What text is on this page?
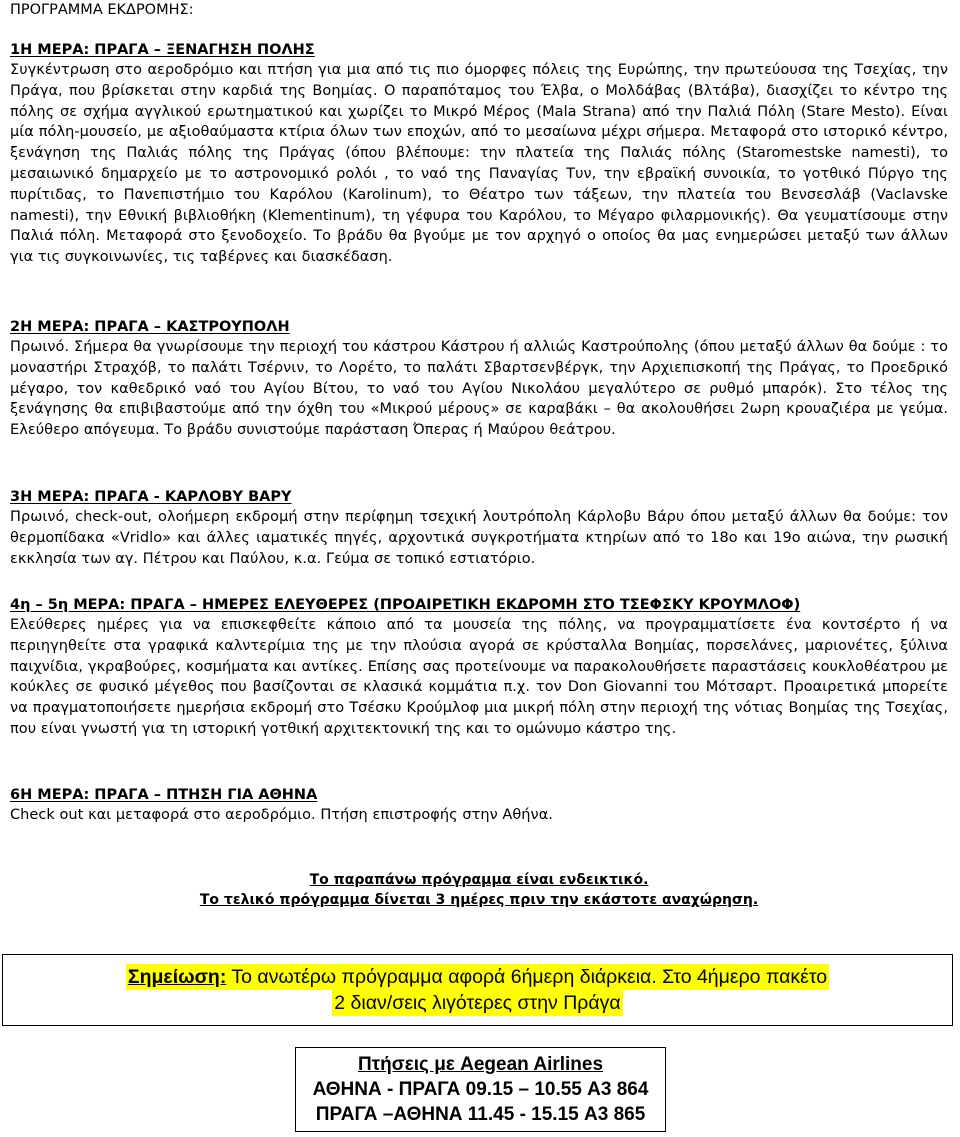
ΠΡΟΓΡΑΜΜΑ ΕΚΔΡΟΜΗΣ:
1Η ΜΕΡΑ: ΠΡΑΓΑ – ΞΕΝΑΓΗΣΗ ΠΟΛΗΣ

Συγκέντρωση στο αεροδρόμιο και πτήση για μια από τις πιο όμορφες πόλεις της Ευρώπης, την πρωτεύουσα της Τσεχίας, την Πράγα, που βρίσκεται στην καρδιά της Βοημίας. Ο παραπόταμος του Έλβα, ο Μολδάβας (Βλτάβα), διασχίζει το κέντρο της πόλης σε σχήμα αγγλικού ερωτηματικού και χωρίζει το Μικρό Μέρος (Mala Strana) από την Παλιά Πόλη (Stare Mesto). Είναι μία πόλη-μουσείο, με αξιοθαύμαστα κτίρια όλων των εποχών, από το μεσαίωνα μέχρι σήμερα. Μεταφορά στο ιστορικό κέντρο, ξενάγηση της Παλιάς πόλης της Πράγας (όπου βλέπουμε: την πλατεία της Παλιάς πόλης (Staromestske namesti), το μεσαιωνικό δημαρχείο με το αστρονομικό ρολόι , το ναό της Παναγίας Tυν, την εβραϊκή συνοικία, το γοτθικό Πύργο της πυρίτιδας, το Πανεπιστήμιο του Καρόλου (Karolinum), το Θέατρο των τάξεων, την πλατεία του Βενσεσλάβ (Vaclavske namesti), την Εθνική βιβλιοθήκη (Klementinum), τη γέφυρα του Καρόλου, το Μέγαρο φιλαρμονικής). Θα γευματίσουμε στην Παλιά πόλη. Μεταφορά στο ξενοδοχείο. Το βράδυ θα βγούμε με τον αρχηγό ο οποίος θα μας ενημερώσει μεταξύ των άλλων για τις συγκοινωνίες, τις ταβέρνες και διασκέδαση.

2Η ΜΕΡΑ: ΠΡΑΓΑ – ΚΑΣΤΡΟΥΠΟΛΗ

Πρωινό. Σήμερα θα γνωρίσουμε την περιοχή του κάστρου Κάστρου ή αλλιώς Καστρούπολης (όπου μεταξύ άλλων θα δούμε : το μοναστήρι Στραχόβ, το παλάτι Τσέρνιν, το Λορέτο, το παλάτι Σβαρτσενβέργκ, την Αρχιεπισκοπή της Πράγας, το Προεδρικό μέγαρο, τον καθεδρικό ναό του Αγίου Βίτου, το ναό του Αγίου Νικολάου μεγαλύτερο σε ρυθμό μπαρόκ). Στο τέλος της ξενάγησης θα επιβιβαστούμε από την όχθη του «Μικρού μέρους» σε καραβάκι – θα ακολουθήσει 2ωρη κρουαζιέρα με γεύμα. Ελεύθερο απόγευμα. Το βράδυ συνιστούμε παράσταση Όπερας ή Μαύρου θεάτρου.

3Η ΜΕΡΑ: ΠΡΑΓΑ - ΚΑΡΛΟΒΥ ΒΑΡΥ

Πρωινό, check-out, ολοήμερη εκδρομή στην περίφημη τσεχική λουτρόπολη Κάρλοβυ Βάρυ όπου μεταξύ άλλων θα δούμε: τον θερμοπίδακα «Vridlo» και άλλες ιαματικές πηγές, αρχοντικά συγκροτήματα κτηρίων από το 18ο και 19ο αιώνα, την ρωσική εκκλησία των αγ. Πέτρου και Παύλου, κ.α. Γεύμα σε τοπικό εστιατόριο.

4η – 5η ΜΕΡΑ: ΠΡΑΓΑ – ΗΜΕΡΕΣ ΕΛΕΥΘΕΡΕΣ (ΠΡΟΑΙΡΕΤΙΚΗ ΕΚΔΡΟΜΗ ΣΤΟ ΤΣΕΦΣΚΥ ΚΡΟΥΜΛΟΦ)

Ελεύθερες ημέρες για να επισκεφθείτε κάποιο από τα μουσεία της πόλης, να προγραμματίσετε ένα κοντσέρτο ή να περιηγηθείτε στα γραφικά καλντερίμια της με την πλούσια αγορά σε κρύσταλλα Βοημίας, πορσελάνες, μαριονέτες, ξύλινα παιχνίδια, γκραβούρες, κοσμήματα και αντίκες. Επίσης σας προτείνουμε να παρακολουθήσετε παραστάσεις κουκλοθέατρου με κούκλες σε φυσικό μέγεθος που βασίζονται σε κλασικά κομμάτια π.χ. τον Don Giovanni του Μότσαρτ. Προαιρετικά μπορείτε να πραγματοποιήσετε ημερήσια εκδρομή στο Τσέσκυ Κρούμλοφ μια μικρή πόλη στην περιοχή της νότιας Βοημίας της Τσεχίας, που είναι γνωστή για τη ιστορική γοτθική αρχιτεκτονική της και το ομώνυμο κάστρο της.

6Η ΜΕΡΑ: ΠΡΑΓΑ – ΠΤΗΣΗ ΓΙΑ ΑΘΗΝΑ

Check out και μεταφορά στο αεροδρόμιο. Πτήση επιστροφής στην Αθήνα.

Το παραπάνω πρόγραμμα είναι ενδεικτικό.
Το τελικό πρόγραμμα δίνεται 3 ημέρες πριν την εκάστοτε αναχώρηση.
Σημείωση: Το ανωτέρω πρόγραμμα αφορά 6ήμερη διάρκεια. Στο 4ήμερο πακέτο
2 διαν/σεις λιγότερες στην Πράγα
Πτήσεις με Aegean Airlines
ΑΘΗΝΑ - ΠΡΑΓΑ 09.15 – 10.55 A3 864
ΠΡΑΓΑ –ΑΘΗΝΑ 11.45 - 15.15 A3 865
